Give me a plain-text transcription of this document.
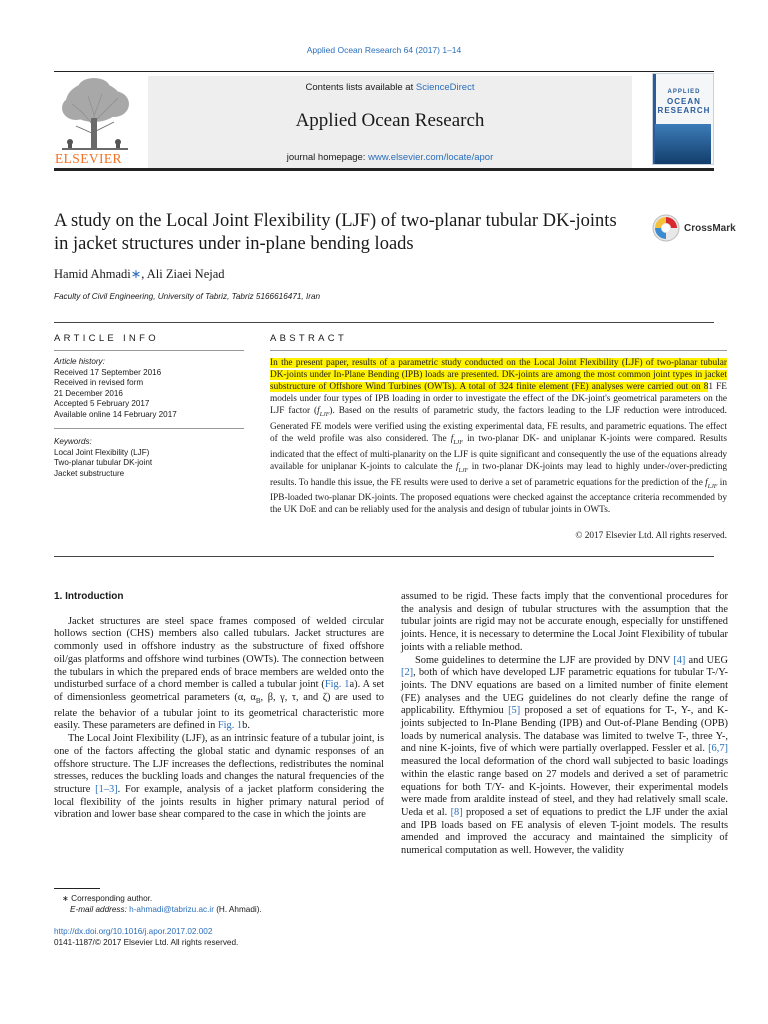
Applied Ocean Research 64 (2017) 1–14
ELSEVIER
Contents lists available at ScienceDirect
Applied Ocean Research
journal homepage: www.elsevier.com/locate/apor
APPLIED
OCEAN
RESEARCH
A study on the Local Joint Flexibility (LJF) of two-planar tubular DK-joints in jacket structures under in-plane bending loads
CrossMark
Hamid Ahmadi∗, Ali Ziaei Nejad
Faculty of Civil Engineering, University of Tabriz, Tabriz 5166616471, Iran
ARTICLE INFO	ABSTRACT
Article history:
Received 17 September 2016
Received in revised form
21 December 2016
Accepted 5 February 2017
Available online 14 February 2017
Keywords:
Local Joint Flexibility (LJF)
Two-planar tubular DK-joint
Jacket substructure
In the present paper, results of a parametric study conducted on the Local Joint Flexibility (LJF) of two-planar tubular DK-joints under In-Plane Bending (IPB) loads are presented. DK-joints are among the most common joint types in jacket substructure of Offshore Wind Turbines (OWTs). A total of 324 finite element (FE) analyses were carried out on 81 FE models under four types of IPB loading in order to investigate the effect of the DK-joint's geometrical parameters on the LJF factor $(f_{LJF})$. Based on the results of parametric study, the factors leading to the LJF reduction were introduced. Generated FE models were verified using the existing experimental data, FE results, and parametric equations. The effect of the weld profile was also considered. The $f_{LJF}$ in two-planar DK- and uniplanar K-joints were compared. Results indicated that the effect of multi-planarity on the LJF is quite significant and consequently the use of the equations already available for uniplanar K-joints to calculate the $f_{LJF}$ in two-planar DK-joints may lead to highly under-/over-predicting results. To handle this issue, the FE results were used to derive a set of parametric equations for the prediction of the $f_{LJF}$ in IPB-loaded two-planar DK-joints. The proposed equations were checked against the acceptance criteria recommended by the UK DoE and can be reliably used for the analysis and design of tubular joints in OWTs.
© 2017 Elsevier Ltd. All rights reserved.

1. Introduction

Jacket structures are steel space frames composed of welded circular hollows section (CHS) members also called tubulars. Jacket structures are commonly used in offshore industry as the substructure of fixed offshore oil/gas platforms and offshore wind turbines (OWTs). The connection between the tubulars in which the prepared ends of brace members are welded onto the undisturbed surface of a chord member is called a tubular joint (Fig. 1a). A set of dimensionless geometrical parameters (α, $\alpha_B$, β, γ, τ, and ζ) are used to relate the behavior of a tubular joint to its geometrical characteristic more easily. These parameters are defined in Fig. 1b.

The Local Joint Flexibility (LJF), as an intrinsic feature of a tubular joint, is one of the factors affecting the global static and dynamic responses of an offshore structure. The LJF increases the deflections, redistributes the nominal stresses, reduces the buckling loads and changes the natural frequencies of the structure [1–3]. For example, analysis of a jacket platform considering the local flexibility of the joints results in higher primary natural period of vibration and lower base shear compared to the case in which the joints are

assumed to be rigid. These facts imply that the conventional procedures for the analysis and design of tubular structures with the assumption that the tubular joints are rigid may not be accurate enough, especially for unstiffened joints. Hence, it is necessary to determine the Local Joint Flexibility of tubular joints with a reliable method.

Some guidelines to determine the LJF are provided by DNV [4] and UEG [2], both of which have developed LJF parametric equations for tubular T-/Y-joints. The DNV equations are based on a limited number of finite element (FE) analyses and the UEG guidelines do not clearly define the range of applicability. Efthymiou [5] proposed a set of equations for T-, Y-, and K-joints subjected to In-Plane Bending (IPB) and Out-of-Plane Bending (OPB) loads by numerical analysis. The database was limited to twelve T-, three Y-, and nine K-joints, five of which were partially overlapped. Fessler et al. [6,7] measured the local deformation of the chord wall subjected to basic loadings within the elastic range based on 27 models and derived a set of parametric equations for both T/Y- and K-joints. However, their experimental models were made from araldite instead of steel, and they had relatively small scale. Ueda et al. [8] proposed a set of equations to predict the LJF under the axial and IPB loads based on FE analysis of eleven T-joint models. The results amended and improved the accuracy and maintained the simplicity of numerical computation as well. However, the validity

∗ Corresponding author.
E-mail address: h-ahmadi@tabrizu.ac.ir (H. Ahmadi).
http://dx.doi.org/10.1016/j.apor.2017.02.002
0141-1187/© 2017 Elsevier Ltd. All rights reserved.
